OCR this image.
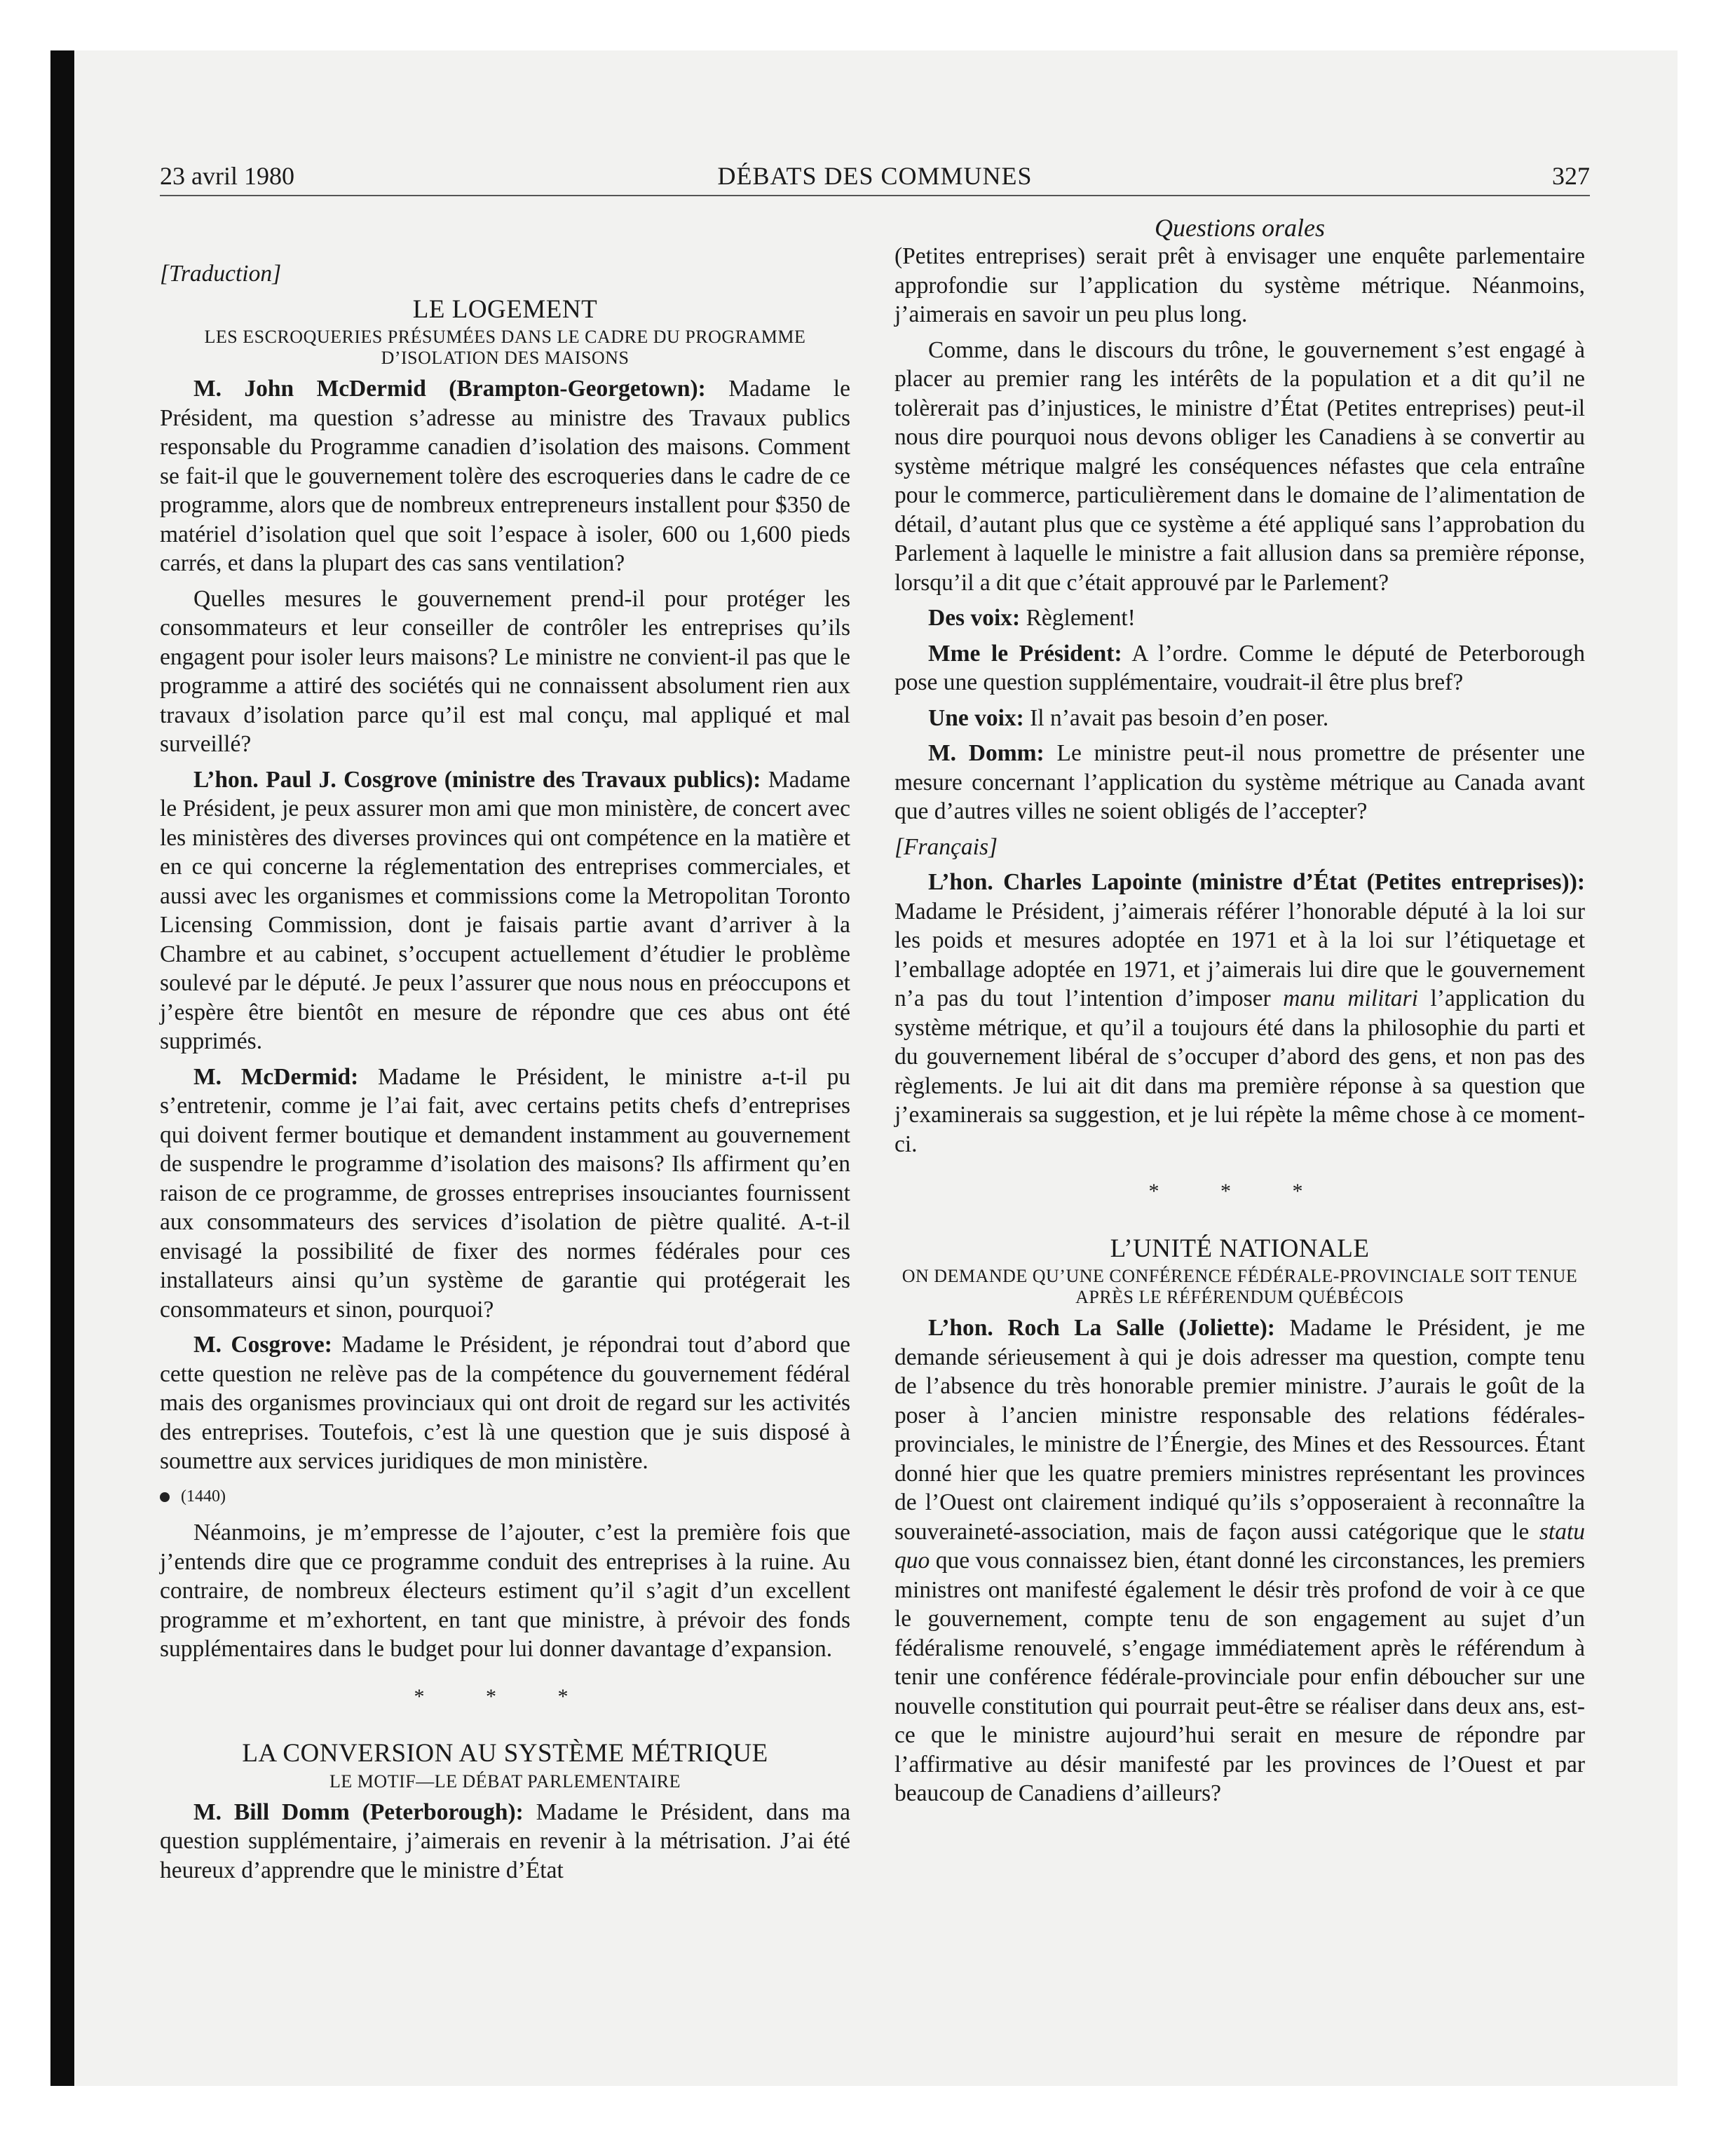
23 avril 1980	DÉBATS DES COMMUNES	327
Questions orales

[Traduction]

LE LOGEMENT

LES ESCROQUERIES PRÉSUMÉES DANS LE CADRE DU PROGRAMME D’ISOLATION DES MAISONS

M. John McDermid (Brampton-Georgetown): Madame le Président, ma question s’adresse au ministre des Travaux publics responsable du Programme canadien d’isolation des maisons. Comment se fait-il que le gouvernement tolère des escroqueries dans le cadre de ce programme, alors que de nombreux entrepreneurs installent pour $350 de matériel d’isolation quel que soit l’espace à isoler, 600 ou 1,600 pieds carrés, et dans la plupart des cas sans ventilation?

Quelles mesures le gouvernement prend-il pour protéger les consommateurs et leur conseiller de contrôler les entreprises qu’ils engagent pour isoler leurs maisons? Le ministre ne convient-il pas que le programme a attiré des sociétés qui ne connaissent absolument rien aux travaux d’isolation parce qu’il est mal conçu, mal appliqué et mal surveillé?

L’hon. Paul J. Cosgrove (ministre des Travaux publics): Madame le Président, je peux assurer mon ami que mon ministère, de concert avec les ministères des diverses provinces qui ont compétence en la matière et en ce qui concerne la réglementation des entreprises commerciales, et aussi avec les organismes et commissions come la Metropolitan Toronto Licensing Commission, dont je faisais partie avant d’arriver à la Chambre et au cabinet, s’occupent actuellement d’étudier le problème soulevé par le député. Je peux l’assurer que nous nous en préoccupons et j’espère être bientôt en mesure de répondre que ces abus ont été supprimés.

M. McDermid: Madame le Président, le ministre a-t-il pu s’entretenir, comme je l’ai fait, avec certains petits chefs d’entreprises qui doivent fermer boutique et demandent instamment au gouvernement de suspendre le programme d’isolation des maisons? Ils affirment qu’en raison de ce programme, de grosses entreprises insouciantes fournissent aux consommateurs des services d’isolation de piètre qualité. A-t-il envisagé la possibilité de fixer des normes fédérales pour ces installateurs ainsi qu’un système de garantie qui protégerait les consommateurs et sinon, pourquoi?

M. Cosgrove: Madame le Président, je répondrai tout d’abord que cette question ne relève pas de la compétence du gouvernement fédéral mais des organismes provinciaux qui ont droit de regard sur les activités des entreprises. Toutefois, c’est là une question que je suis disposé à soumettre aux services juridiques de mon ministère.

(1440)

Néanmoins, je m’empresse de l’ajouter, c’est la première fois que j’entends dire que ce programme conduit des entreprises à la ruine. Au contraire, de nombreux électeurs estiment qu’il s’agit d’un excellent programme et m’exhortent, en tant que ministre, à prévoir des fonds supplémentaires dans le budget pour lui donner davantage d’expansion.

* * *

LA CONVERSION AU SYSTÈME MÉTRIQUE

LE MOTIF—LE DÉBAT PARLEMENTAIRE

M. Bill Domm (Peterborough): Madame le Président, dans ma question supplémentaire, j’aimerais en revenir à la métrisation. J’ai été heureux d’apprendre que le ministre d’État

(Petites entreprises) serait prêt à envisager une enquête parlementaire approfondie sur l’application du système métrique. Néanmoins, j’aimerais en savoir un peu plus long.

Comme, dans le discours du trône, le gouvernement s’est engagé à placer au premier rang les intérêts de la population et a dit qu’il ne tolèrerait pas d’injustices, le ministre d’État (Petites entreprises) peut-il nous dire pourquoi nous devons obliger les Canadiens à se convertir au système métrique malgré les conséquences néfastes que cela entraîne pour le commerce, particulièrement dans le domaine de l’alimentation de détail, d’autant plus que ce système a été appliqué sans l’approbation du Parlement à laquelle le ministre a fait allusion dans sa première réponse, lorsqu’il a dit que c’était approuvé par le Parlement?

Des voix: Règlement!

Mme le Président: A l’ordre. Comme le député de Peterborough pose une question supplémentaire, voudrait-il être plus bref?

Une voix: Il n’avait pas besoin d’en poser.

M. Domm: Le ministre peut-il nous promettre de présenter une mesure concernant l’application du système métrique au Canada avant que d’autres villes ne soient obligés de l’accepter?

[Français]

L’hon. Charles Lapointe (ministre d’État (Petites entreprises)): Madame le Président, j’aimerais référer l’honorable député à la loi sur les poids et mesures adoptée en 1971 et à la loi sur l’étiquetage et l’emballage adoptée en 1971, et j’aimerais lui dire que le gouvernement n’a pas du tout l’intention d’imposer manu militari l’application du système métrique, et qu’il a toujours été dans la philosophie du parti et du gouvernement libéral de s’occuper d’abord des gens, et non pas des règlements. Je lui ait dit dans ma première réponse à sa question que j’examinerais sa suggestion, et je lui répète la même chose à ce moment-ci.

* * *

L’UNITÉ NATIONALE

ON DEMANDE QU’UNE CONFÉRENCE FÉDÉRALE-PROVINCIALE SOIT TENUE APRÈS LE RÉFÉRENDUM QUÉBÉCOIS

L’hon. Roch La Salle (Joliette): Madame le Président, je me demande sérieusement à qui je dois adresser ma question, compte tenu de l’absence du très honorable premier ministre. J’aurais le goût de la poser à l’ancien ministre responsable des relations fédérales-provinciales, le ministre de l’Énergie, des Mines et des Ressources. Étant donné hier que les quatre premiers ministres représentant les provinces de l’Ouest ont clairement indiqué qu’ils s’opposeraient à reconnaître la souveraineté-association, mais de façon aussi catégorique que le statu quo que vous connaissez bien, étant donné les circonstances, les premiers ministres ont manifesté également le désir très profond de voir à ce que le gouvernement, compte tenu de son engagement au sujet d’un fédéralisme renouvelé, s’engage immédiatement après le référendum à tenir une conférence fédérale-provinciale pour enfin déboucher sur une nouvelle constitution qui pourrait peut-être se réaliser dans deux ans, est-ce que le ministre aujourd’hui serait en mesure de répondre par l’affirmative au désir manifesté par les provinces de l’Ouest et par beaucoup de Canadiens d’ailleurs?
